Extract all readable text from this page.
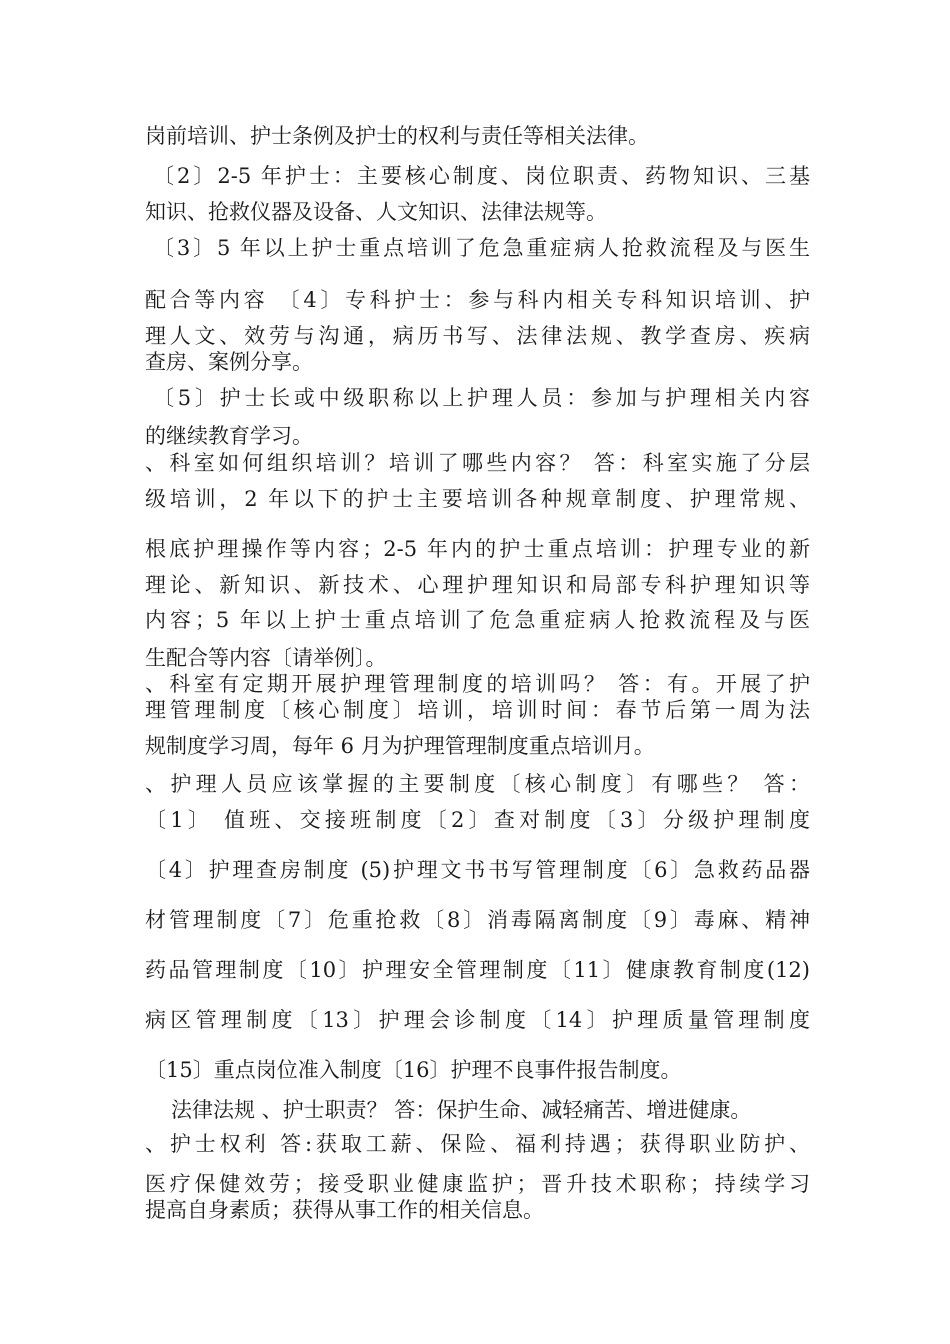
岗前培训、护士条例及护士的权利与责任等相关法律。
〔2〕2-5 年护士：主要核心制度、岗位职责、药物知识、三基
知识、抢救仪器及设备、人文知识、法律法规等。
〔3〕5 年以上护士重点培训了危急重症病人抢救流程及与医生
配合等内容 〔4〕专科护士：参与科内相关专科知识培训、护
理人文、效劳与沟通，病历书写、法律法规、教学查房、疾病
查房、案例分享。
〔5〕护士长或中级职称以上护理人员：参加与护理相关内容
的继续教育学习。
、科室如何组织培训？培训了哪些内容？ 答：科室实施了分层
级培训，2 年以下的护士主要培训各种规章制度、护理常规、
根底护理操作等内容；2-5 年内的护士重点培训：护理专业的新
理论、新知识、新技术、心理护理知识和局部专科护理知识等
内容；5 年以上护士重点培训了危急重症病人抢救流程及与医
生配合等内容〔请举例〕。
、科室有定期开展护理管理制度的培训吗？ 答：有。开展了护
理管理制度〔核心制度〕培训，培训时间：春节后第一周为法
规制度学习周，每年 6 月为护理管理制度重点培训月。
、护理人员应该掌握的主要制度〔核心制度〕有哪些？ 答：
〔1〕 值班、交接班制度〔2〕查对制度〔3〕分级护理制度
〔4〕护理查房制度 (5)护理文书书写管理制度〔6〕急救药品器
材管理制度〔7〕危重抢救〔8〕消毒隔离制度〔9〕毒麻、精神
药品管理制度〔10〕护理安全管理制度〔11〕健康教育制度(12)
病区管理制度〔13〕护理会诊制度〔14〕护理质量管理制度
〔15〕重点岗位准入制度〔16〕护理不良事件报告制度。
法律法规 、护士职责？ 答：保护生命、减轻痛苦、增进健康。
、护士权利 答:获取工薪、保险、福利持遇；获得职业防护、
医疗保健效劳；接受职业健康监护；晋升技术职称；持续学习
提高自身素质；获得从事工作的相关信息。
